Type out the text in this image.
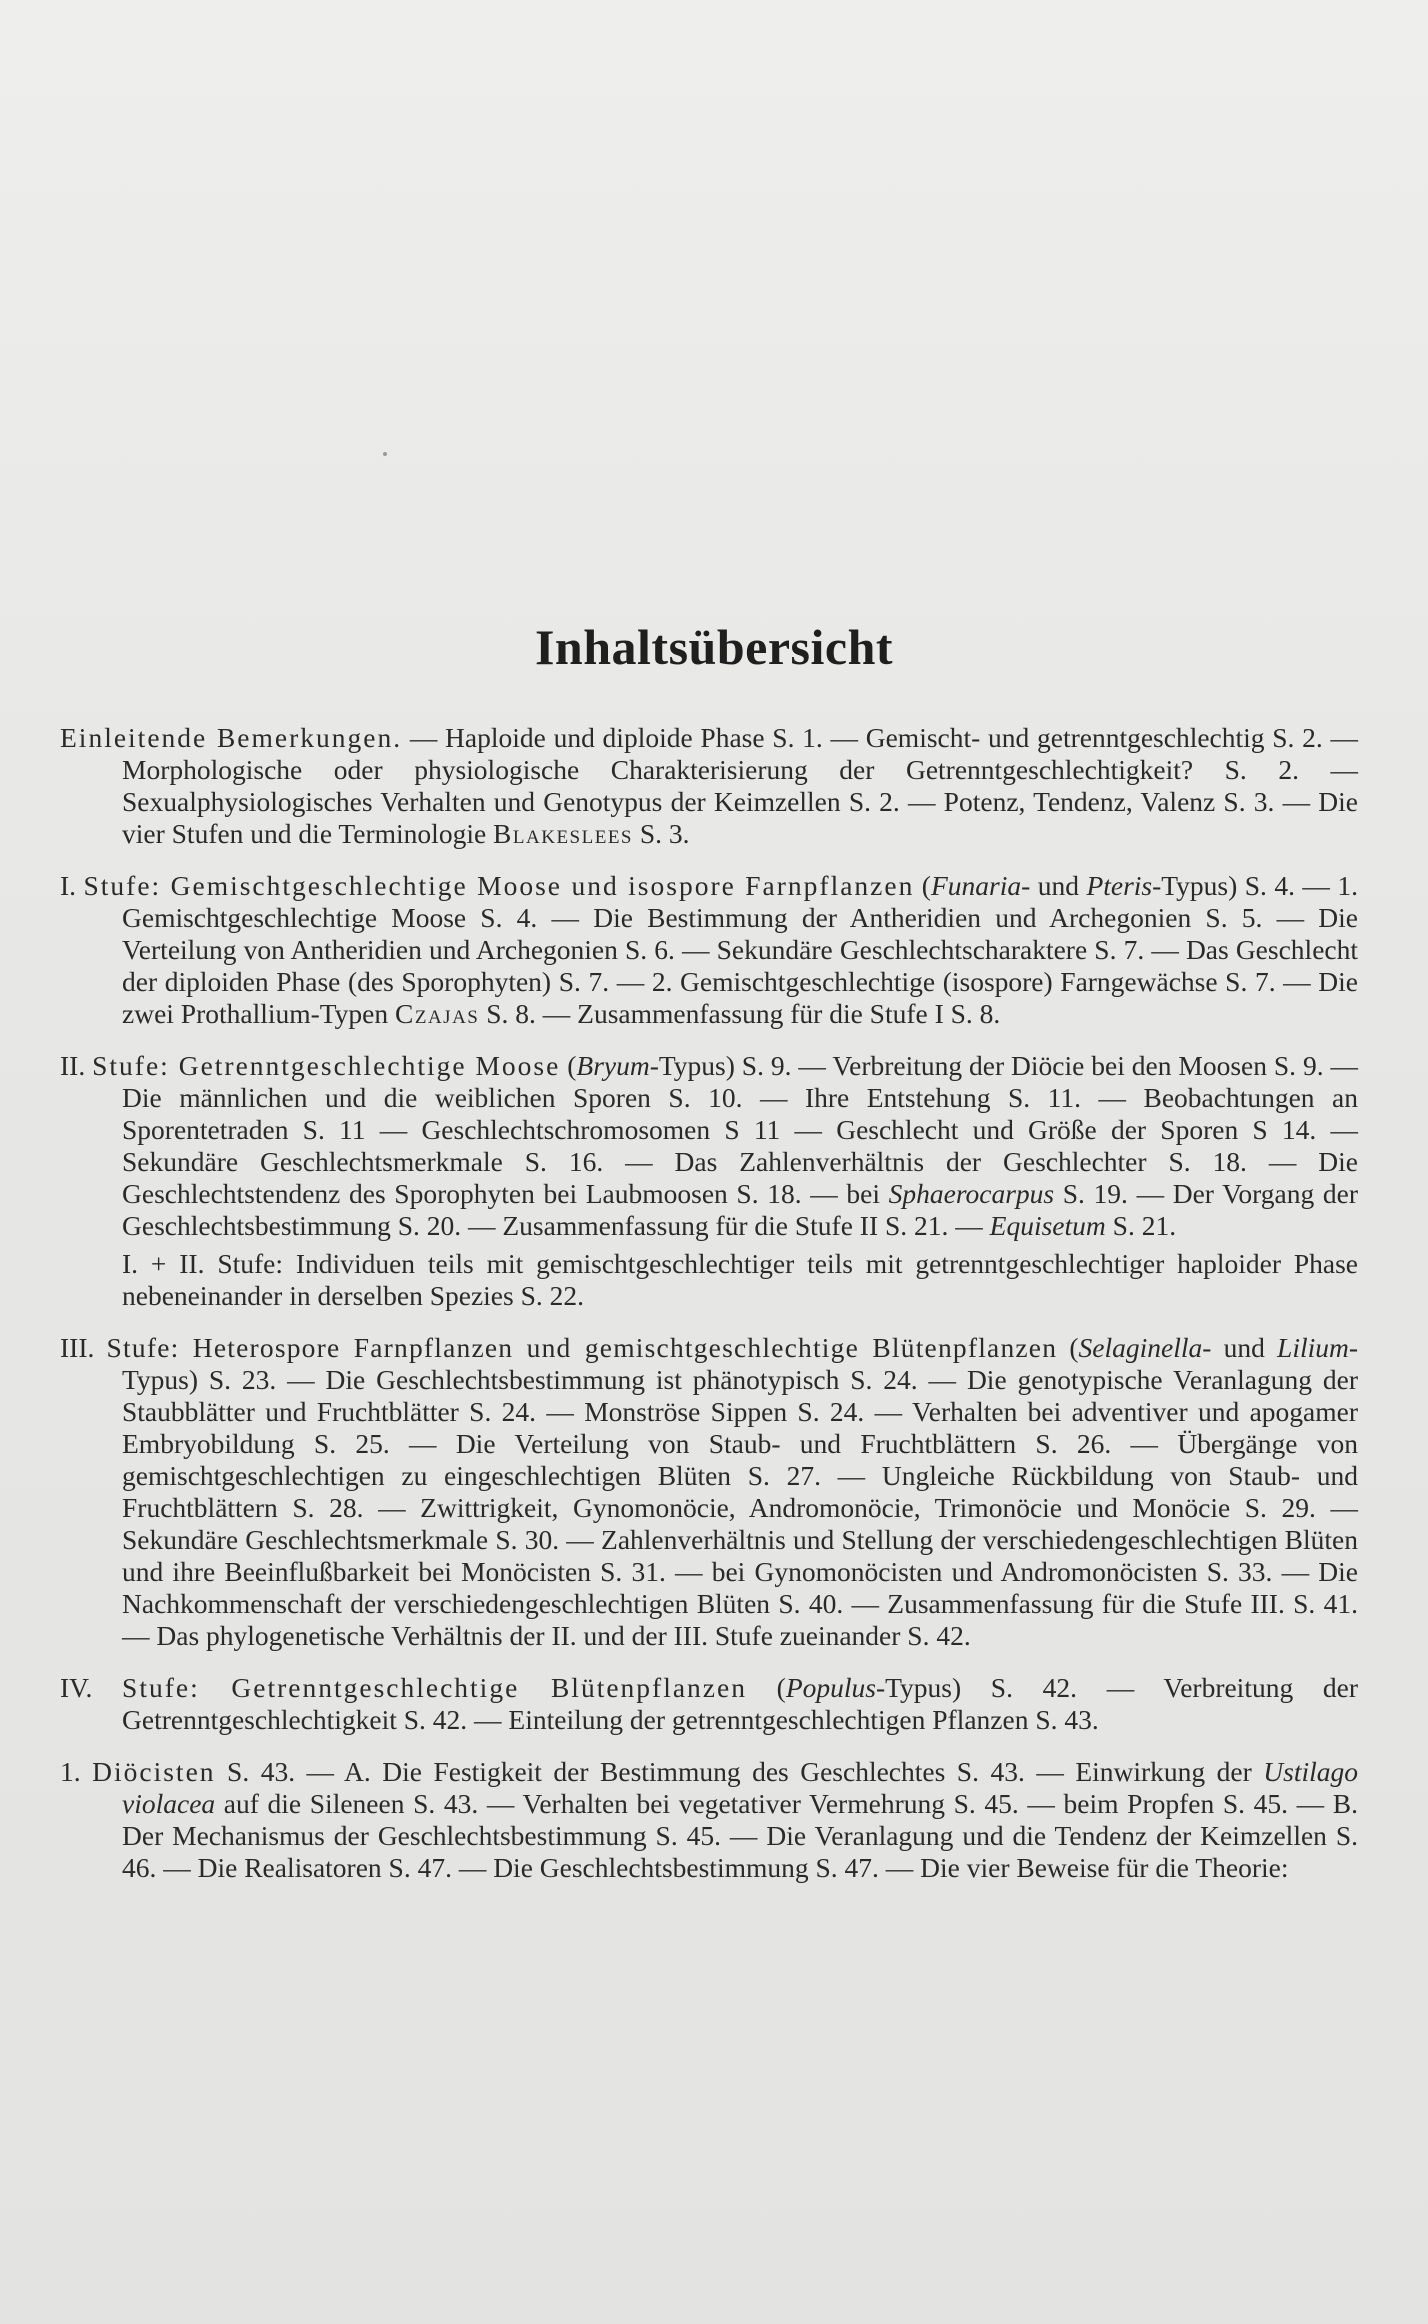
Inhaltsübersicht

Einleitende Bemerkungen. — Haploide und diploide Phase S. 1. — Gemischt- und getrenntgeschlechtig S. 2. — Morphologische oder physiologische Charakterisierung der Getrenntgeschlechtigkeit? S. 2. — Sexualphysiologisches Verhalten und Genotypus der Keimzellen S. 2. — Potenz, Tendenz, Valenz S. 3. — Die vier Stufen und die Terminologie Blakeslees S. 3.

I. Stufe: Gemischtgeschlechtige Moose und isospore Farnpflanzen (Funaria- und Pteris-Typus) S. 4. — 1. Gemischtgeschlechtige Moose S. 4. — Die Bestimmung der Antheridien und Archegonien S. 5. — Die Verteilung von Antheridien und Archegonien S. 6. — Sekundäre Geschlechtscharaktere S. 7. — Das Geschlecht der diploiden Phase (des Sporophyten) S. 7. — 2. Gemischtgeschlechtige (isospore) Farngewächse S. 7. — Die zwei Prothallium-Typen Czajas S. 8. — Zusammenfassung für die Stufe I S. 8.

II. Stufe: Getrenntgeschlechtige Moose (Bryum-Typus) S. 9. — Verbreitung der Diöcie bei den Moosen S. 9. — Die männlichen und die weiblichen Sporen S. 10. — Ihre Entstehung S. 11. — Beobachtungen an Sporentetraden S. 11 — Geschlechtschromosomen S 11 — Geschlecht und Größe der Sporen S 14. — Sekundäre Geschlechtsmerkmale S. 16. — Das Zahlenverhältnis der Geschlechter S. 18. — Die Geschlechtstendenz des Sporophyten bei Laubmoosen S. 18. — bei Sphaerocarpus S. 19. — Der Vorgang der Geschlechtsbestimmung S. 20. — Zusammenfassung für die Stufe II S. 21. — Equisetum S. 21.

I. + II. Stufe: Individuen teils mit gemischtgeschlechtiger teils mit getrenntgeschlechtiger haploider Phase nebeneinander in derselben Spezies S. 22.

III. Stufe: Heterospore Farnpflanzen und gemischtgeschlechtige Blütenpflanzen (Selaginella- und Lilium-Typus) S. 23. — Die Geschlechtsbestimmung ist phänotypisch S. 24. — Die genotypische Veranlagung der Staubblätter und Fruchtblätter S. 24. — Monströse Sippen S. 24. — Verhalten bei adventiver und apogamer Embryobildung S. 25. — Die Verteilung von Staub- und Fruchtblättern S. 26. — Übergänge von gemischtgeschlechtigen zu eingeschlechtigen Blüten S. 27. — Ungleiche Rückbildung von Staub- und Fruchtblättern S. 28. — Zwittrigkeit, Gynomonöcie, Andromonöcie, Trimonöcie und Monöcie S. 29. — Sekundäre Geschlechtsmerkmale S. 30. — Zahlenverhältnis und Stellung der verschiedengeschlechtigen Blüten und ihre Beeinflußbarkeit bei Monöcisten S. 31. — bei Gynomonöcisten und Andromonöcisten S. 33. — Die Nachkommenschaft der verschiedengeschlechtigen Blüten S. 40. — Zusammenfassung für die Stufe III. S. 41. — Das phylogenetische Verhältnis der II. und der III. Stufe zueinander S. 42.

IV. Stufe: Getrenntgeschlechtige Blütenpflanzen (Populus-Typus) S. 42. — Verbreitung der Getrenntgeschlechtigkeit S. 42. — Einteilung der getrenntgeschlechtigen Pflanzen S. 43.

1. Diöcisten S. 43. — A. Die Festigkeit der Bestimmung des Geschlechtes S. 43. — Einwirkung der Ustilago violacea auf die Sileneen S. 43. — Verhalten bei vegetativer Vermehrung S. 45. — beim Propfen S. 45. — B. Der Mechanismus der Geschlechtsbestimmung S. 45. — Die Veranlagung und die Tendenz der Keimzellen S. 46. — Die Realisatoren S. 47. — Die Geschlechtsbestimmung S. 47. — Die vier Beweise für die Theorie:
